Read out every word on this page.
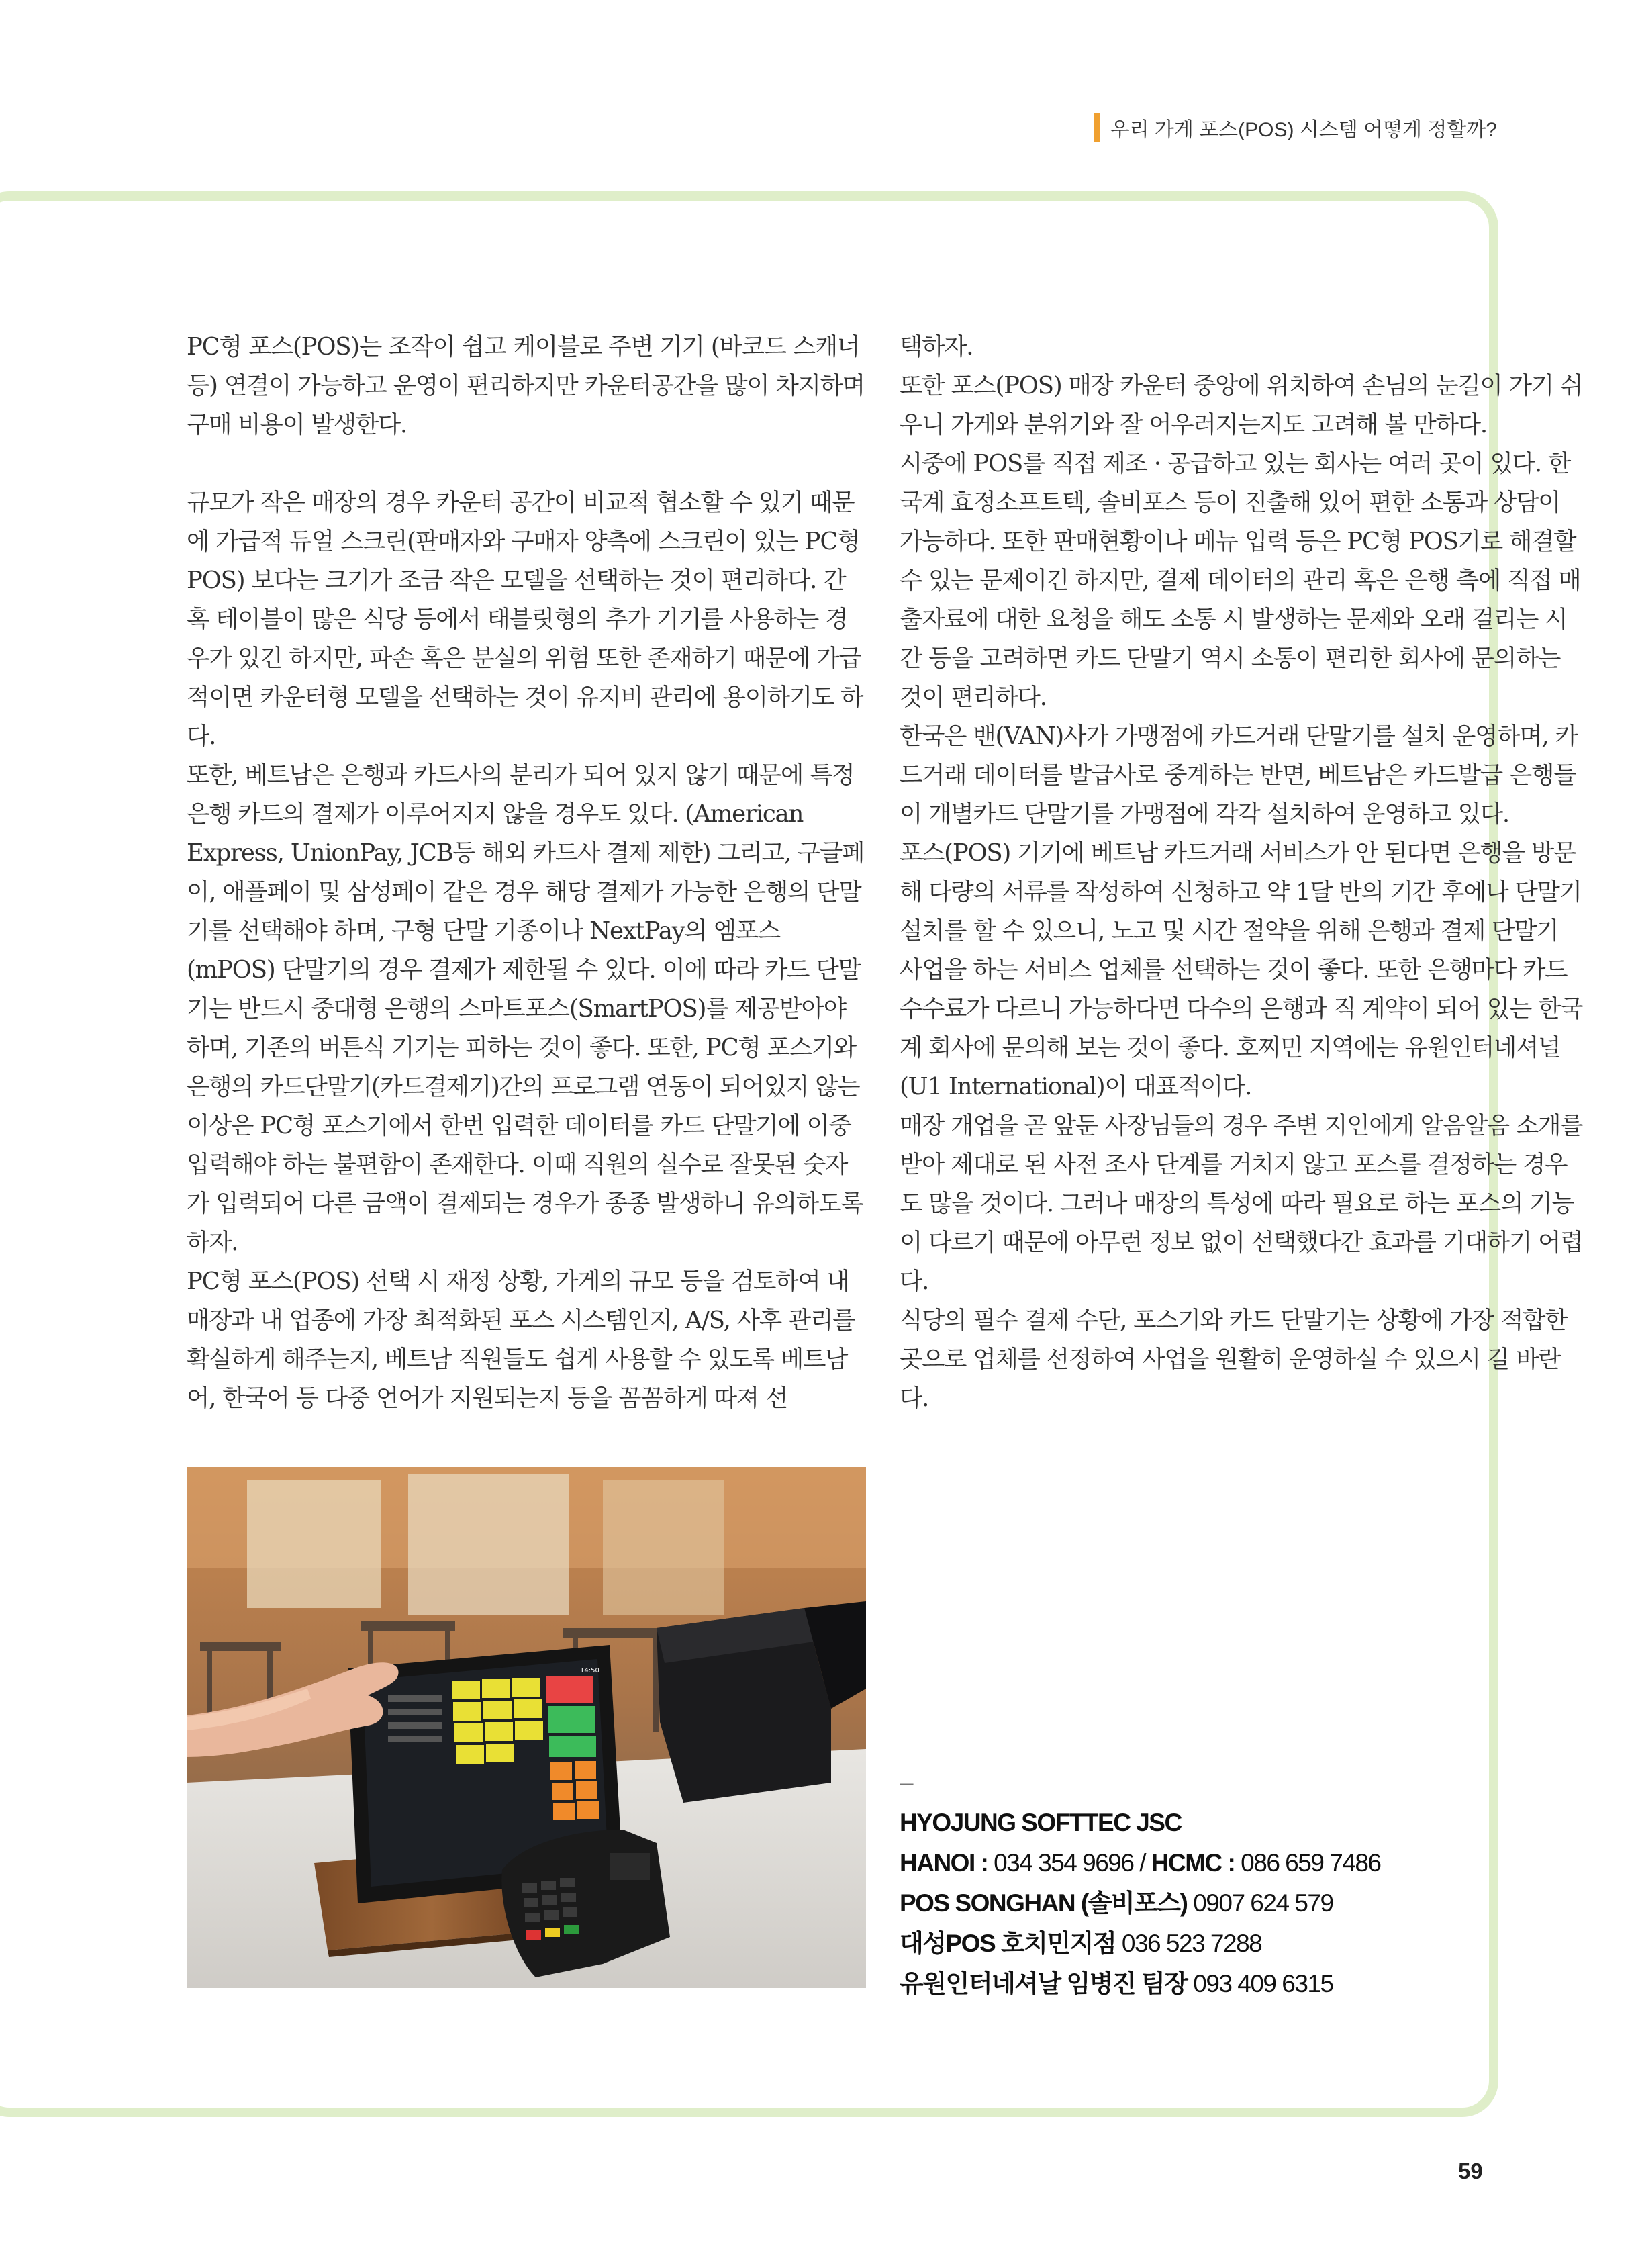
우리 가게 포스(POS) 시스템 어떻게 정할까?

PC형 포스(POS)는 조작이 쉽고 케이블로 주변 기기 (바코드 스캐너 등) 연결이 가능하고 운영이 편리하지만 카운터공간을 많이 차지하며 구매 비용이 발생한다.

규모가 작은 매장의 경우 카운터 공간이 비교적 협소할 수 있기 때문에 가급적 듀얼 스크린(판매자와 구매자 양측에 스크린이 있는 PC형 POS) 보다는 크기가 조금 작은 모델을 선택하는 것이 편리하다. 간혹 테이블이 많은 식당 등에서 태블릿형의 추가 기기를 사용하는 경우가 있긴 하지만, 파손 혹은 분실의 위험 또한 존재하기 때문에 가급적이면 카운터형 모델을 선택하는 것이 유지비 관리에 용이하기도 하다.

또한, 베트남은 은행과 카드사의 분리가 되어 있지 않기 때문에 특정 은행 카드의 결제가 이루어지지 않을 경우도 있다. (American Express, UnionPay, JCB등 해외 카드사 결제 제한) 그리고, 구글페이, 애플페이 및 삼성페이 같은 경우 해당 결제가 가능한 은행의 단말기를 선택해야 하며, 구형 단말 기종이나 NextPay의 엠포스(mPOS) 단말기의 경우 결제가 제한될 수 있다. 이에 따라 카드 단말기는 반드시 중대형 은행의 스마트포스(SmartPOS)를 제공받아야 하며, 기존의 버튼식 기기는 피하는 것이 좋다. 또한, PC형 포스기와 은행의 카드단말기(카드결제기)간의 프로그램 연동이 되어있지 않는 이상은 PC형 포스기에서 한번 입력한 데이터를 카드 단말기에 이중 입력해야 하는 불편함이 존재한다. 이때 직원의 실수로 잘못된 숫자가 입력되어 다른 금액이 결제되는 경우가 종종 발생하니 유의하도록 하자.

PC형 포스(POS) 선택 시 재정 상황, 가게의 규모 등을 검토하여 내 매장과 내 업종에 가장 최적화된 포스 시스템인지, A/S, 사후 관리를 확실하게 해주는지, 베트남 직원들도 쉽게 사용할 수 있도록 베트남어, 한국어 등 다중 언어가 지원되는지 등을 꼼꼼하게 따져 선

14:50

택하자.

또한 포스(POS) 매장 카운터 중앙에 위치하여 손님의 눈길이 가기 쉬우니 가게와 분위기와 잘 어우러지는지도 고려해 볼 만하다.

시중에 POS를 직접 제조 · 공급하고 있는 회사는 여러 곳이 있다. 한국계 효정소프트텍, 솔비포스 등이 진출해 있어 편한 소통과 상담이 가능하다. 또한 판매현황이나 메뉴 입력 등은 PC형 POS기로 해결할 수 있는 문제이긴 하지만, 결제 데이터의 관리 혹은 은행 측에 직접 매출자료에 대한 요청을 해도 소통 시 발생하는 문제와 오래 걸리는 시간 등을 고려하면 카드 단말기 역시 소통이 편리한 회사에 문의하는 것이 편리하다.

한국은 밴(VAN)사가 가맹점에 카드거래 단말기를 설치 운영하며, 카드거래 데이터를 발급사로 중계하는 반면, 베트남은 카드발급 은행들이 개별카드 단말기를 가맹점에 각각 설치하여 운영하고 있다.

포스(POS) 기기에 베트남 카드거래 서비스가 안 된다면 은행을 방문해 다량의 서류를 작성하여 신청하고 약 1달 반의 기간 후에나 단말기 설치를 할 수 있으니, 노고 및 시간 절약을 위해 은행과 결제 단말기 사업을 하는 서비스 업체를 선택하는 것이 좋다. 또한 은행마다 카드 수수료가 다르니 가능하다면 다수의 은행과 직 계약이 되어 있는 한국계 회사에 문의해 보는 것이 좋다. 호찌민 지역에는 유원인터네셔널(U1 International)이 대표적이다.

매장 개업을 곧 앞둔 사장님들의 경우 주변 지인에게 알음알음 소개를 받아 제대로 된 사전 조사 단계를 거치지 않고 포스를 결정하는 경우도 많을 것이다. 그러나 매장의 특성에 따라 필요로 하는 포스의 기능이 다르기 때문에 아무런 정보 없이 선택했다간 효과를 기대하기 어렵다.

식당의 필수 결제 수단, 포스기와 카드 단말기는 상황에 가장 적합한 곳으로 업체를 선정하여 사업을 원활히 운영하실 수 있으시 길 바란다.

–

HYOJUNG SOFTTEC JSC

HANOI : 034 354 9696 / HCMC : 086 659 7486

POS SONGHAN (솔비포스) 0907 624 579

대성POS 호치민지점 036 523 7288

유원인터네셔날 임병진 팀장 093 409 6315

59
